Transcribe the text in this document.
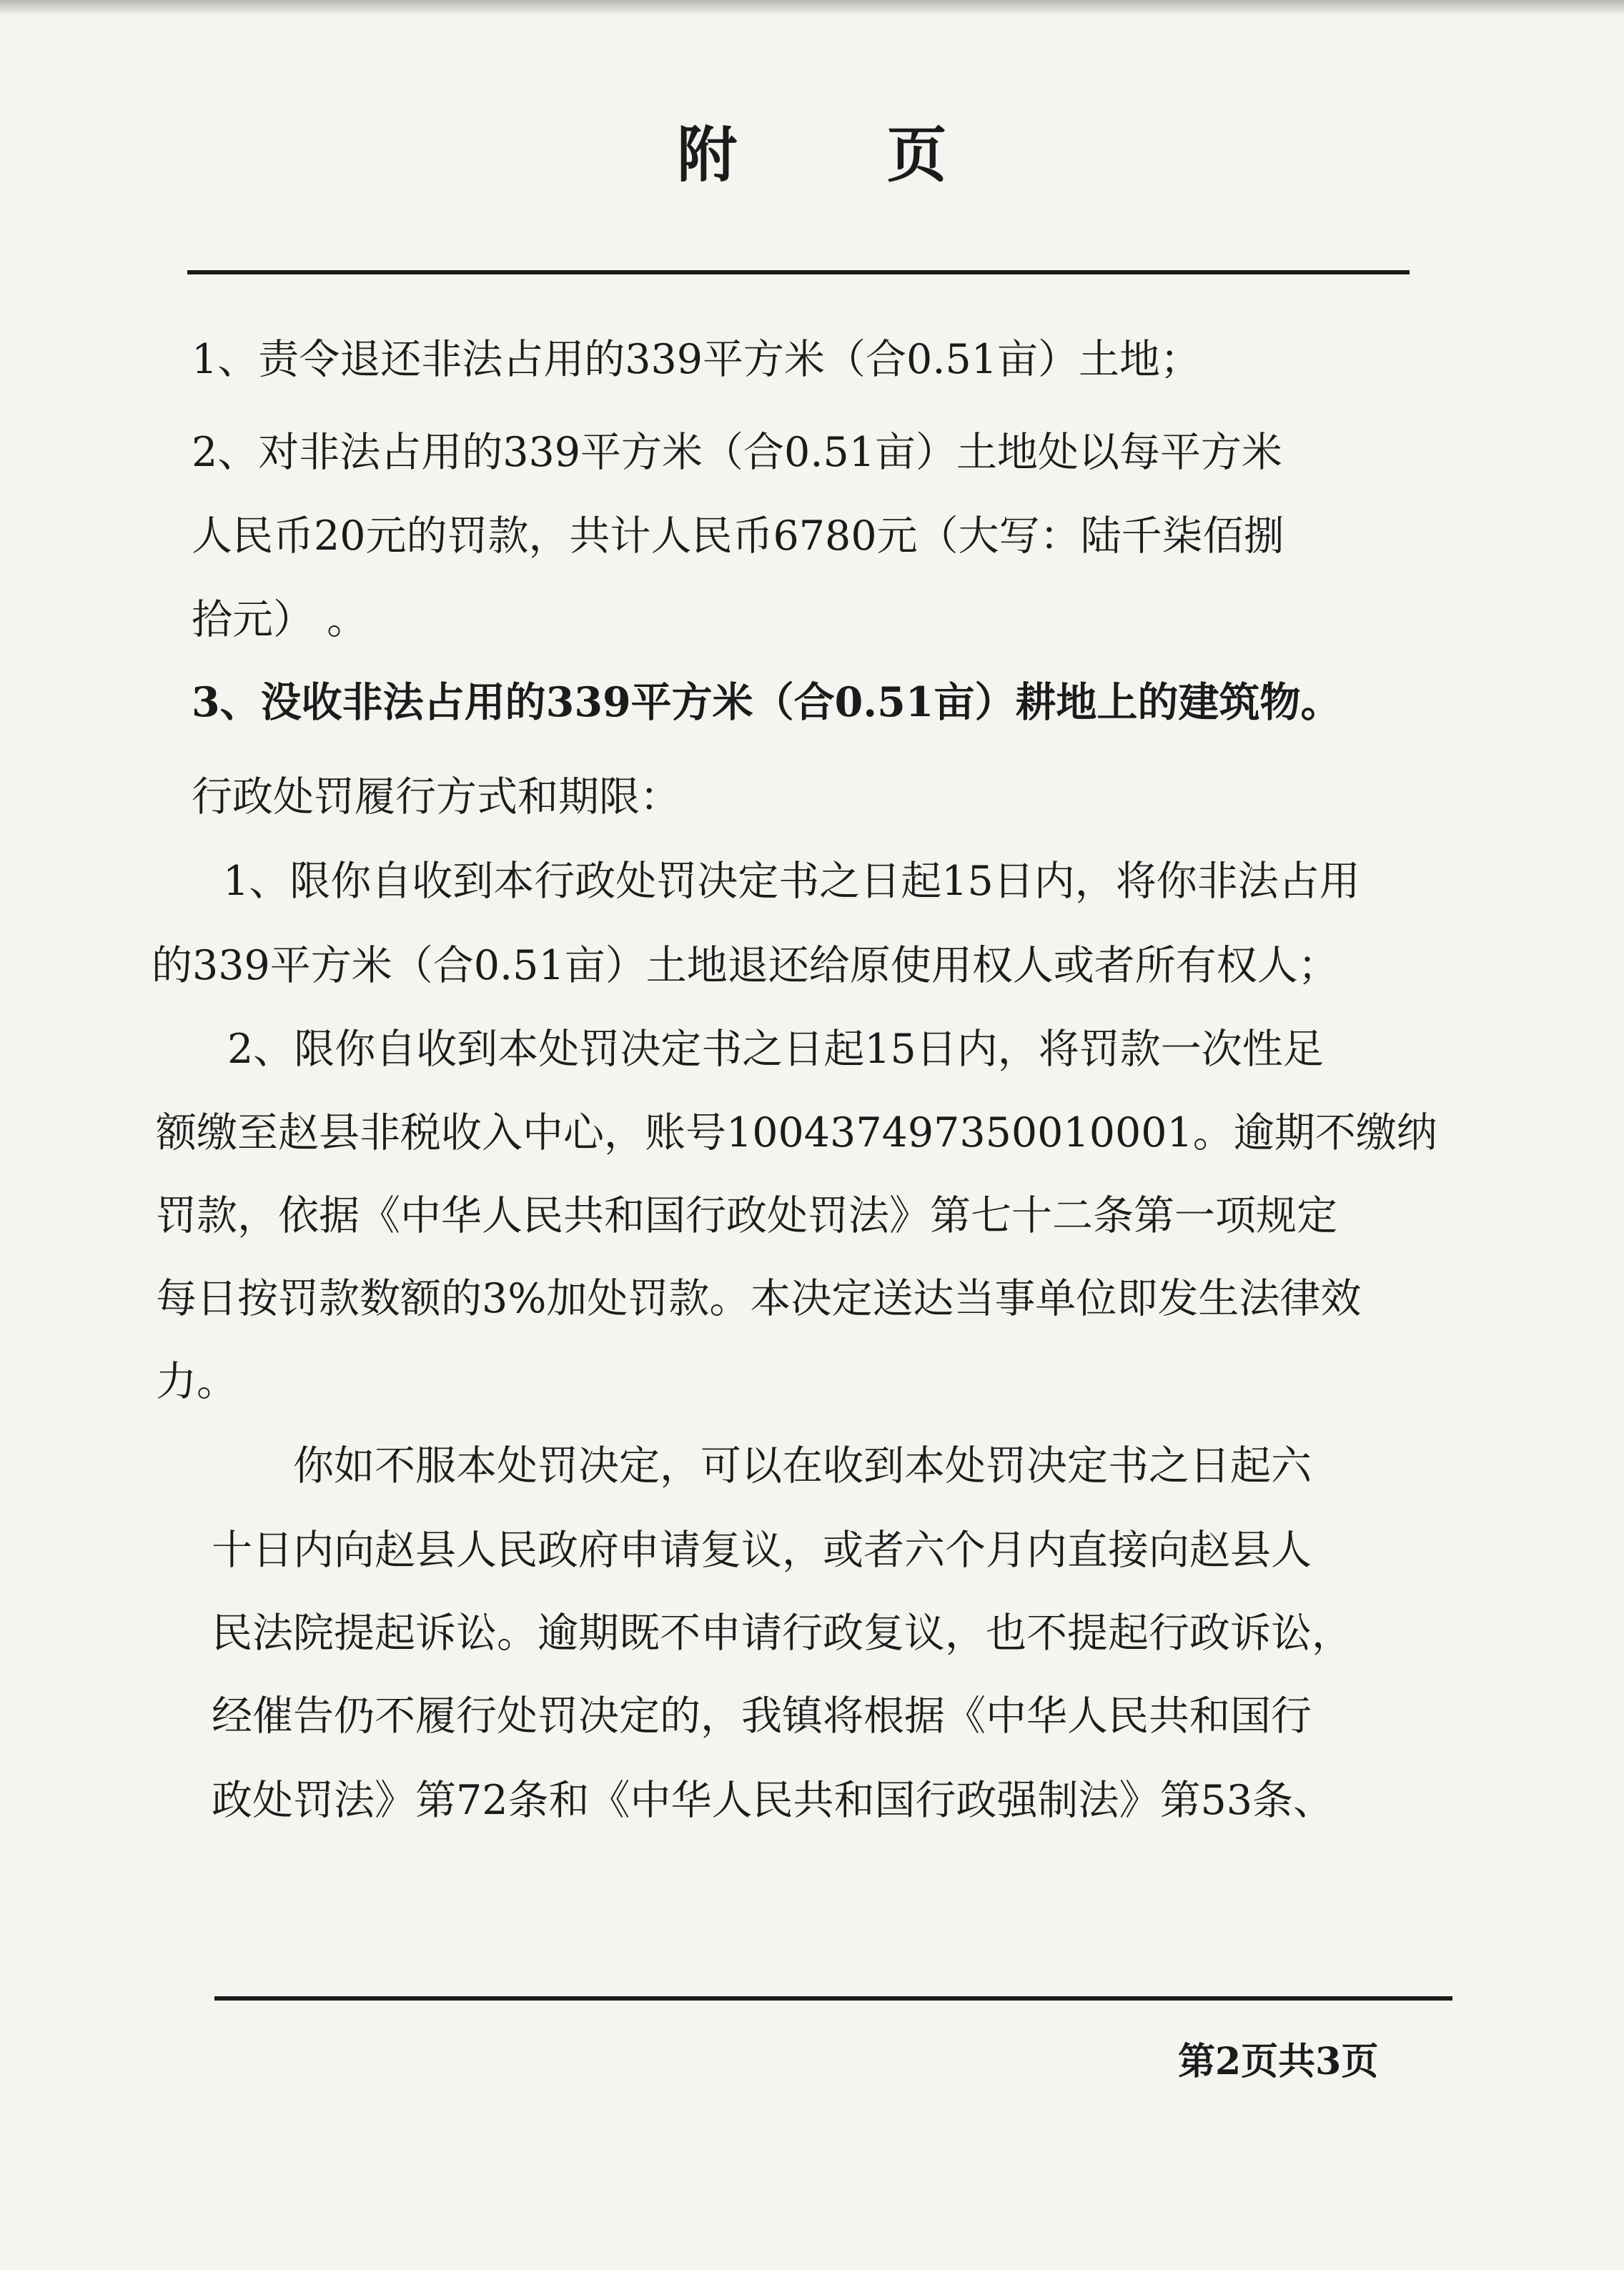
附 页
1、责令退还非法占用的339平方米（合0.51亩）土地；
2、对非法占用的339平方米（合0.51亩）土地处以每平方米
人民币20元的罚款，共计人民币6780元（大写：陆千柒佰捌
拾元） 。
3、没收非法占用的339平方米（合0.51亩）耕地上的建筑物。
行政处罚履行方式和期限：
1、限你自收到本行政处罚决定书之日起15日内，将你非法占用
的339平方米（合0.51亩）土地退还给原使用权人或者所有权人；
2、限你自收到本处罚决定书之日起15日内，将罚款一次性足
额缴至赵县非税收入中心，账号100437497350010001。逾期不缴纳
罚款，依据《中华人民共和国行政处罚法》第七十二条第一项规定
每日按罚款数额的3%加处罚款。本决定送达当事单位即发生法律效
力。
你如不服本处罚决定，可以在收到本处罚决定书之日起六
十日内向赵县人民政府申请复议，或者六个月内直接向赵县人
民法院提起诉讼。逾期既不申请行政复议，也不提起行政诉讼，
经催告仍不履行处罚决定的，我镇将根据《中华人民共和国行
政处罚法》第72条和《中华人民共和国行政强制法》第53条、
第2页共3页
